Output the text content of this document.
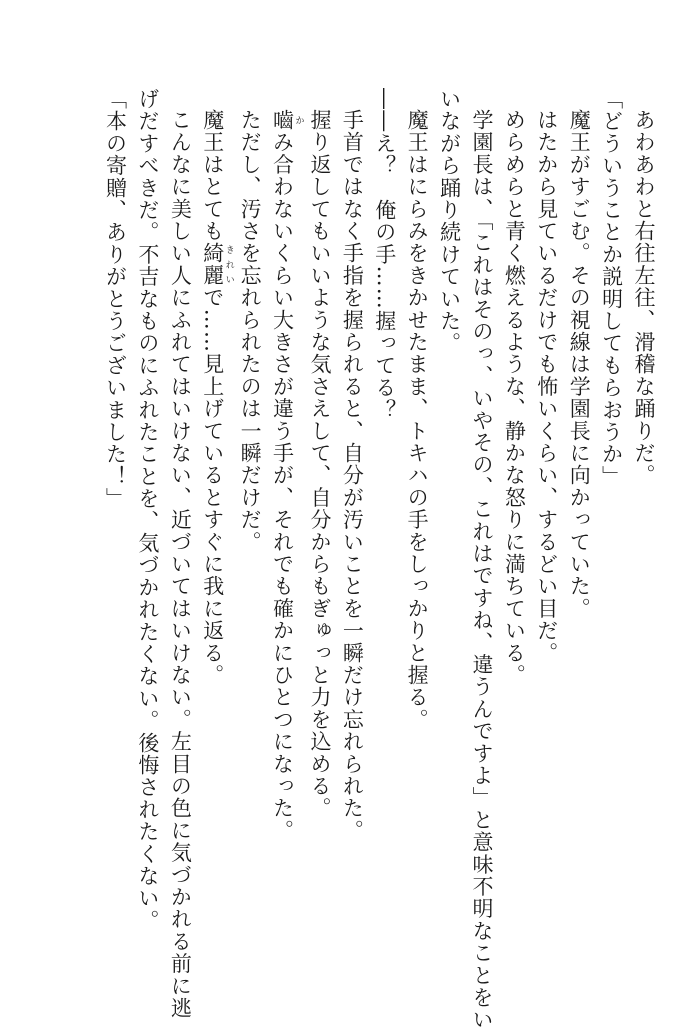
あわあわと右往左往、滑稽な踊りだ。
「どういうことか説明してもらおうか」
魔王がすごむ。その視線は学園長に向かっていた。
はたから見ているだけでも怖いくらい、するどい目だ。
めらめらと青く燃えるような、静かな怒りに満ちている。
学園長は、「これはそのっ、いやその、これはですね、違うんですよ」と意味不明なことをい
いながら踊り続けていた。
魔王はにらみをきかせたまま、トキハの手をしっかりと握る。
――え？　俺の手……握ってる？
手首ではなく手指を握られると、自分が汚いことを一瞬だけ忘れられた。
握り返してもいいような気さえして、自分からもぎゅっと力を込める。
嚙 かみ合わないくらい大きさが違う手が、それでも確かにひとつになった。
ただし、汚さを忘れられたのは一瞬だけだ。
魔王はとても綺麗 きれいで……見上げているとすぐに我に返る。
こんなに美しい人にふれてはいけない、近づいてはいけない。左目の色に気づかれる前に逃
げだすべきだ。不吉なものにふれたことを、気づかれたくない。後悔されたくない。
「本の寄贈、ありがとうございました！」
